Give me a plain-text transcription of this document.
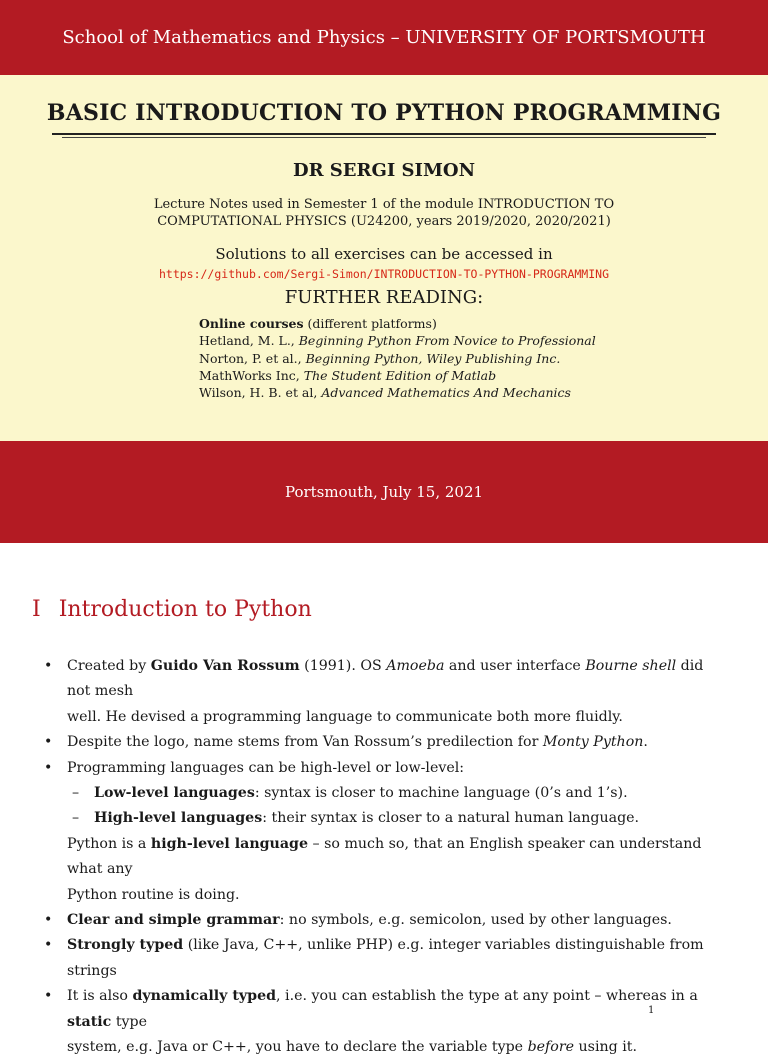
School of Mathematics and Physics – UNIVERSITY OF PORTSMOUTH
BASIC INTRODUCTION TO PYTHON PROGRAMMING
DR SERGI SIMON
Lecture Notes used in Semester 1 of the module INTRODUCTION TO
COMPUTATIONAL PHYSICS (U24200, years 2019/2020, 2020/2021)
Solutions to all exercises can be accessed in
https://github.com/Sergi-Simon/INTRODUCTION-TO-PYTHON-PROGRAMMING
FURTHER READING:
Online courses (different platforms)
Hetland, M. L., Beginning Python From Novice to Professional
Norton, P. et al., Beginning Python, Wiley Publishing Inc.
MathWorks Inc, The Student Edition of Matlab
Wilson, H. B. et al, Advanced Mathematics And Mechanics
Portsmouth, July 15, 2021
I Introduction to Python
• Created by Guido Van Rossum (1991). OS Amoeba and user interface Bourne shell did not mesh
well. He devised a programming language to communicate both more fluidly.
• Despite the logo, name stems from Van Rossum’s predilection for Monty Python.
• Programming languages can be high-level or low-level:
– Low-level languages: syntax is closer to machine language (0’s and 1’s).
– High-level languages: their syntax is closer to a natural human language.
Python is a high-level language – so much so, that an English speaker can understand what any
Python routine is doing.
• Clear and simple grammar: no symbols, e.g. semicolon, used by other languages.
• Strongly typed (like Java, C++, unlike PHP) e.g. integer variables distinguishable from strings
• It is also dynamically typed, i.e. you can establish the type at any point – whereas in a static type
system, e.g. Java or C++, you have to declare the variable type before using it.
1
